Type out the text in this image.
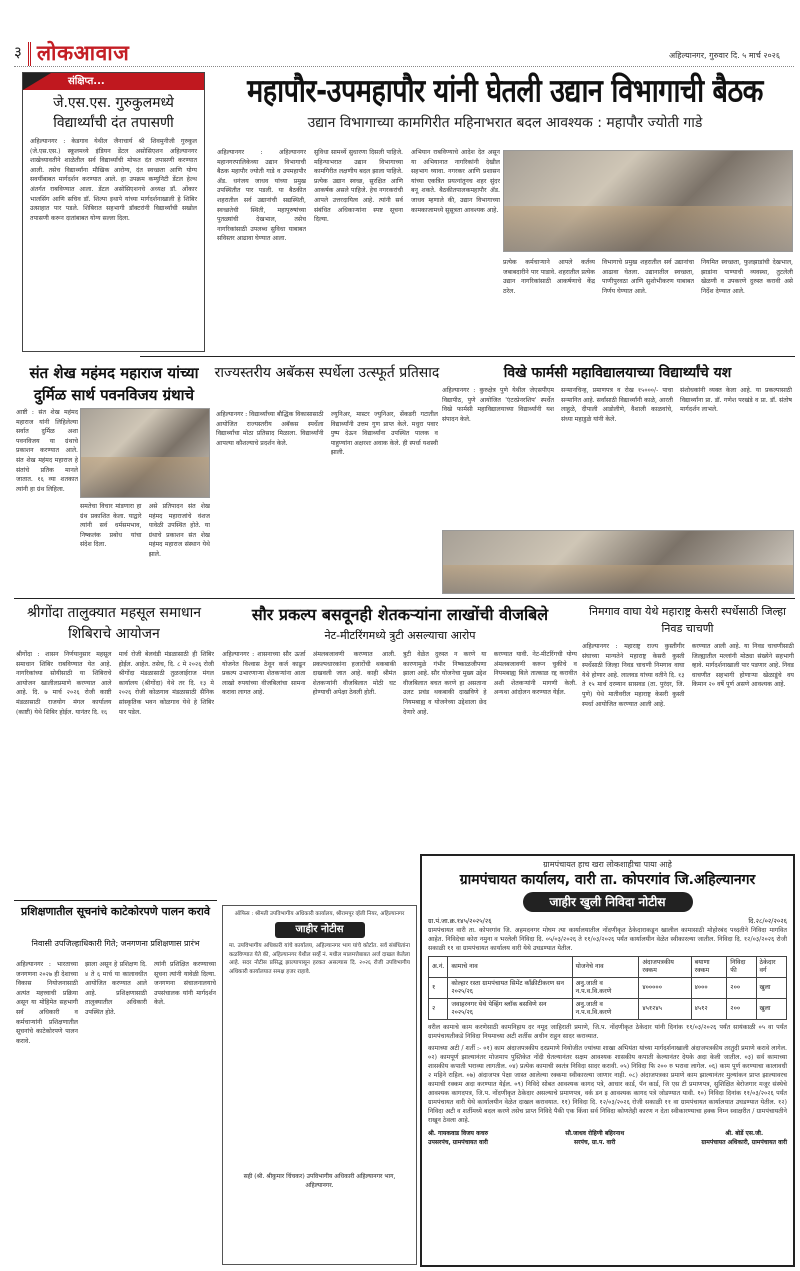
३ लोकआवाज	अहिल्यानगर, गुरुवार दि. ५ मार्च २०२६
संक्षिप्त...
जे.एस.एस. गुरुकुलमध्ये विद्यार्थ्यांची दंत तपासणी
अहिल्यानगर : केडगाव येथील जैनाचार्य श्री शिवमुनीजी गुरुकुल (जे.एस.एस.) स्कूलमध्ये इंडियन डेंटल असोसिएशन अहिल्यानगर शाखेच्यावतीने शाळेतील सर्व विद्यार्थ्यांची मोफत दंत तपासणी करण्यात आली. तसेच विद्यार्थ्यांना मौखिक आरोग्य, दंत स्वच्छता आणि योग्य सवयींबाबत मार्गदर्शन करण्यात आले. हा उपक्रम कम्युनिटी डेंटल हेल्थ अंतर्गत राबविण्यात आला. डेंटल असोसिएशनचे अध्यक्ष डॉ. ओंकार भालसिंग आणि सचिव डॉ. शिल्पा इथापे यांच्या मार्गदर्शनाखाली हे शिबिर उत्साहात पार पडले. शिबिरात सहभागी डॉक्टरांनी विद्यार्थ्यांची सखोल तपासणी करून दातांबाबत योग्य सल्ला दिला.
महापौर-उपमहापौर यांनी घेतली उद्यान विभागाची बैठक
उद्यान विभागाच्या कामगिरीत महिनाभरात बदल आवश्यक : महापौर ज्योती गाडे
अहिल्यानगर : अहिल्यानगर महानगरपालिकेच्या उद्यान विभागाची बैठक महापौर ज्योती गाडे व उपमहापौर ॲड. धनंजय जाधव यांच्या प्रमुख उपस्थितीत पार पडली. या बैठकीत शहरातील सर्व उद्यानांची सद्यस्थिती, स्वच्छतेची स्थिती, महापुरुषांच्या पुतळ्यांची देखभाल, तसेच नागरिकांसाठी उपलब्ध सुविधा याबाबत सविस्तर आढावा घेण्यात आला.
सुविधा सामर्थ्ये सुधारणा दिसली पाहिजे. महिन्याभरात उद्यान विभागाच्या कामगिरीत लक्षणीय बदल झाला पाहिजे. प्रत्येक उद्यान स्वच्छ, सुरक्षित आणि आकर्षक असले पाहिजे. हेच नगरकरांची आपले उत्तरदायित्व आहे. त्यांनी सर्व संबंधित अधिकाऱ्यांना स्पष्ट सूचना दिल्या.
अभियान राबविण्याचे आदेश देत असून या अभियानात नागरिकांनी देखील सहभाग घ्यावा. नगरकर आणि प्रशासन यांच्या एकत्रित प्रयत्नांतूनच शहर सुंदर बनू शकते. बैठकीतपालकमहापौर ॲड. जाधव म्हणाले की, उद्यान विभागाच्या कामकाजामध्ये सुसूत्रता आवश्यक आहे.
प्रत्येक कर्मचाऱ्याने आपले कर्तव्य जबाबदारीने पार पाडावे. शहरातील प्रत्येक उद्यान नागरिकांसाठी आकर्षणाचे केंद्र ठरेल.
विभागाचे प्रमुख शहरातील सर्व उद्यानांचा आढावा घेतला. उद्यानातील स्वच्छता, पाणीपुरवठा आणि सुशोभीकरण याबाबत निर्णय घेण्यात आले.
नियमित स्वच्छता, फुलझाडांची देखभाल, झाडांना पाण्याची व्यवस्था, तुटलेली खेळणी व उपकरणे दुरुस्त करावी असे निर्देश देण्यात आले.
संत शेख महंमद महाराज यांच्या दुर्मिळ सार्थ पवनविजय ग्रंथाचे
आष्टी : संत शेख महंमद महाराज यांनी लिहिलेल्या सर्वात दुर्मिळ अशा पवनविजय या ग्रंथाचे प्रकाशन करण्यात आले. संत शेख महंमद महाराज हे संतांचे प्रतिक मानले जातात. १६ व्या शतकात त्यांनी हा ग्रंथ लिहिला.
समतेचा विचार मांडणारा हा ग्रंथ प्रकाशित केला. याद्वारे त्यांनी सर्व धर्मसमभाव, निष्कलंक प्रबोध यांचा संदेश दिला.
असे प्रतिपादन संत शेख महंमद महाराजांचे वंशज यावेळी उपस्थित होते. या ग्रंथाचे प्रकाशन संत शेख महंमद महाराज संस्थान येथे झाले.
राज्यस्तरीय अबॅकस स्पर्धेला उत्स्फूर्त प्रतिसाद
अहिल्यानगर : विद्यार्थ्यांच्या बौद्धिक विकासासाठी आयोजित राज्यस्तरीय अबॅकस स्पर्धेला विद्यार्थ्यांचा मोठा प्रतिसाद मिळाला. विद्यार्थ्यांनी आपल्या कौशल्याचे प्रदर्शन केले.
ज्युनिअर, मास्टर ज्युनिअर, सेंकडरी गटातील विद्यार्थ्यांनी उत्तम गुण प्राप्त केले. मधुरा पवार पुष्प देऊन विद्यार्थ्यांना उपस्थित पालक व पाहुण्यांना अक्षरशः अवाक केले. ही स्पर्धा यशस्वी झाली.
विखे फार्मसी महाविद्यालयाच्या विद्यार्थ्यांचे यश
अहिल्यानगर : कुरुक्षेत्र पुणे येथील जेएसपीएम विद्यापीठ, पुणे आयोजित 'एंटरप्रेनरशिप' स्पर्धेत विखे फार्मसी महाविद्यालयाच्या विद्यार्थ्यांनी यश संपादन केले.
सन्मानचिन्ह, प्रमाणपत्र व रोख १५०००/- पाचा सन्मानित आहे. सर्वांसाठी विद्यार्थ्यांनी काळे, आरती लाहुळे, दीपाली आडोलीणे, वैशाली काळवांचे, संध्या महाडुळे यांनी केले.
संशोधकांनी व्यक्त केला आहे. या प्रकल्पासाठी विद्यार्थ्यांना प्रा. डॉ. गणेश परखंडे व प्रा. डॉ. संतोष मार्गदर्शन लाभले.
श्रीगोंदा तालुक्यात महसूल समाधान शिबिराचे आयोजन
श्रीगोंदा : शासन निर्णयानुसार महसूल समाधान शिबिर राबविण्यात येत आहे. नागरिकांच्या सोयीसाठी या शिबिराचे आयोजन खालीलप्रमाणे करण्यात आले आहे. दि. ७ मार्च २०२६ रोजी काष्टी मंडळासाठी राजयोग मंगल कार्यालय (काष्टी) येथे शिबिर होईल. यानंतर दि. १६
मार्च रोजी बेलवंडी मंडळासाठी ही शिबिर होईल. आहेत. तसेच, दि. ८ मे २०२६ रोजी श्रीगोंदा मंडळासाठी तुळजाईराज मंगल कार्यालय (श्रीगोंदा) येथे तर दि. १३ मे २०२६ रोजी कोळगाव मंडळासाठी सैनिक सांस्कृतिक भवन कोळगाव येथे हे शिबिर पार पडेल.
सौर प्रकल्प बसवूनही शेतकऱ्यांना लाखोंची वीजबिले
नेट-मीटरिंगमध्ये त्रुटी असल्याचा आरोप
अहिल्यानगर : शासनाच्या सौर ऊर्जा योजनेत विश्वास ठेवून कर्ज काढून प्रकल्प उभारणाऱ्या शेतकऱ्यांना आता लाखो रुपयांच्या वीजबिलांचा सामना करावा लागत आहे.
अंमलबजावणी करण्यात आली. प्रकल्पधारकांना हजारोंची थकबाकी दाखवली जात आहे. काही श्रीमंत शेतकऱ्यांनी वीजबिलात मोठी घट होण्याची अपेक्षा ठेवली होती.
त्रुटी वेळेत दुरुस्त न करणे या कारणामुळे गंभीर निष्काळजीपणा झाला आहे. सौर योजनेचा मुख्य उद्देश वीजबिलात बचत करणे हा असताना उलट प्रचंड थकबाकी दाखविणे हे नियमबाह्य व योजनेच्या उद्देशाला छेद देणारे आहे.
करण्यात यावी. नेट-मीटरिंगची योग्य अंमलबजावणी करून चुकीचे व नियमबाह्य बिले तात्काळ रद्द करावीत अशी शेतकऱ्यांनी मागणी केली. अन्यथा आंदोलन करण्यात येईल.
निमगाव वाघा येथे महाराष्ट्र केसरी स्पर्धेसाठी जिल्हा निवड चाचणी
अहिल्यानगर : महाराष्ट्र राज्य कुस्तीगीर संघाच्या मान्यतेने महाराष्ट्र केसरी कुस्ती स्पर्धेसाठी जिल्हा निवड चाचणी निमगाव वाघा येथे होणार आहे. लालवड यांच्या वतीने दि. १३ ते १५ मार्च दरम्यान सासवड (ता. पुरंदर, जि. पुणे) येथे मातीवरील महाराष्ट्र केसरी कुस्ती स्पर्धा आयोजित करण्यात आली आहे.
करण्यात आली आहे. या निवड चाचणीसाठी जिल्ह्यातील मल्लांनी मोठ्या संख्येने सहभागी व्हावे. मार्गदर्शनाखाली पार पडणार आहे. निवड चाचणीत सहभागी होणाऱ्या खेळाडूंचे वय किमान २० वर्षे पूर्ण असणे आवश्यक आहे.
प्रशिक्षणातील सूचनांचे काटेकोरपणे पालन करावे
निवासी उपजिल्हाधिकारी गिते; जनगणना प्रशिक्षणास प्रारंभ
अहिल्यानगर : भारताच्या जनगणना २०२७ ही देशाच्या विकास नियोजनासाठी अत्यंत महत्त्वाची प्रक्रिया असून या मोहिमेत सहभागी सर्व अधिकारी व कर्मचाऱ्यांनी प्रशिक्षणातील सूचनांचे काटेकोरपणे पालन करावे.
झाला असून हे प्रशिक्षण दि. ४ ते ६ मार्च या कालावधीत आयोजित करण्यात आले आहे. प्रशिक्षणासाठी तालुक्यातील अधिकारी उपस्थित होते.
त्यांनी प्रशिक्षित करण्याच्या सूचना त्यांनी यावेळी दिल्या. जनगणना संचालनालयाचे उपसंचालक यांनी मार्गदर्शन केले.
ऑफिस : श्रीमती उपविभागीय अधिकारी कार्यालय, श्रीरामपूर व्हॅली नियर, अहिल्यानगर
जाहीर नोटीस
मा. उपविभागीय अधिकारी यांचे कार्यालय, अहिल्यानगर भाग यांचे कोर्टात. सर्व संबंधितांना कळविण्यात येते की, अहिल्यानगर येथील सर्व्हे नं. मधील मालमत्तेबाबत अर्ज दाखल केलेला आहे. सदर नोटीस प्रसिद्ध झाल्यापासून हरकत असल्यास दि. २०२६ रोजी उपविभागीय अधिकारी कार्यालयात समक्ष हजर राहावे.
सही (श्री. श्रीकुमार चिंचकर) उपविभागीय अधिकारी अहिल्यानगर भाग, अहिल्यानगर.
ग्रामपंचायत हाच खरा लोकशाहीचा पाया आहे
ग्रामपंचायत कार्यालय, वारी ता. कोपरगांव जि.अहिल्यानगर
जाहीर खुली निविदा नोटीस
ग्रा.पं.जा.क्र.१४५/२०२५/२६	दि.२८/०२/२०२६
ग्रामपंचायत वारी ता. कोपरगांव जि. अहमदनगर मोघम त्या कार्यालयातील नोंदणीकृत ठेकेदाराकडून खालील कामासाठी मोहोरबंद पध्दतीने निविदा मागवित आहेत. निविदेचा कोरा नमुना व भरलेली निविदा दि. ०५/०३/२०२६ ते ११/०३/२०२६ पर्यंत कार्यालयीन वेळेत स्वीकारल्या जातील. निविदा दि. १२/०३/२०२६ रोजी सकाळी ११ वा ग्रामपंचायत कार्यालय वारी येथे उघडण्यात येतील.
अ.नं.	कामाचे नाव	योजनेचे नाव	अंदाजपत्रकीय रक्कम	बयाणा रक्कम	निविदा फी	ठेकेदार वर्ग
१	कोल्हार रस्ता ग्रामपंचायत सिमेंट काँक्रीटीकरण सन २०२५/२६	अनु.जाती व न.प.व.वि.करणे	४०००००	४०००	२००	खुला
२	जवाहरनगर येथे पेव्हिंग ब्लॉक बसविणे सन २०२५/२६	अनु.जाती व न.प.व.वि.करणे	४५१२४५	४५१२	२००	खुला
वरील कामाचे काम करणेसाठी कामनिहाय दर नमूद जाहिराती प्रमाणे, जि.प. नोंदणीकृत ठेकेदार यांनी दिनांक ११/०३/२०२६ पर्यंत सायंकाळी ०५ वा पर्यंत ग्रामपंचायतीकडे निविदा नियमाच्या अटी शर्तीस अधीन राहून सादर कराव्यात.
कामाच्या अटी / शर्ती :- ०१) काम अंदाजपत्रकीय दरप्रमाणे नियोजीत ज्यांच्या शाखा अभियंता यांच्या मार्गदर्शनाखाली अंदाजपत्रकीय तरतुदी प्रमाणे करावे लागेल. ०२) कामपूर्ण झाल्यानंतर मोजमाप पुस्तिकेत नोंदी घेतल्यानंतर सक्षम आवश्यक शासकीय कपाती केल्यानंतर देयके अदा केली जातील. ०३) सर्व कामाच्या शासकीय कपाती भराव्या लागतील. ०४) प्रत्येक कामाची स्वतंत्र निविदा सादर करावी. ०५) निविदा फि २०० रु भरावा लागेल. ०६) काम पूर्ण करण्याचा कालावधी २ महिने राहिल. ०७) अंदाजपत्र पेक्षा जास्त आलेल्या रक्कमा स्वीकारल्या जाणार नाही. ०८) अंदाजपत्रका प्रमाणे काम झाल्यानंतर मुल्यांकन प्राप्त झाल्यावरच कामाची रक्कम अदा करण्यात येईल. ०९) निविदे सोबत आवश्यक कागद पत्रे, आधार कार्ड, पॅन कार्ड, जि एस टी प्रमाणपत्र, सुशिक्षित बेरोजगार मजूर संस्थेचे आवश्यक कागदपत्र, जि.प. नोंदणीकृत ठेकेदार असल्याचे प्रमाणपत्र, वर्क डन इ आवश्यक कागद पत्रे जोडण्यात यावी. १०) निविदा दिनांक ११/०३/२०२६ पर्यंत ग्रामपंचायत वारी येथे कार्यालयीन वेळेत दाखल करावयात. ११) निविदा दि. १२/०३/२०२६ रोजी सकाळी ११ वा ग्रामपंचायत कार्यालयात उघडण्यात येतील. १२) निविदा अटी व शर्तीमध्ये बदल करणे तसेच प्राप्त निविदे पैकी एक किंवा सर्व निविदा कोणतेही कारण न देता स्वीकारण्याचा हक्क निम्न स्वाक्षरीत / ग्रामपंचायतीने राखून ठेवला आहे.
श्री. गायकवाड विजय कचरु
उपसरपंच, ग्रामपंचायत वारी
सौ.जाधव रोहिणी बहिरनाथ
सरपंच, ग्रा.प. वारी
श्री. बोर्डे एस.जी.
ग्रामपंचायत अधिकारी, ग्रामपंचायत वारी
